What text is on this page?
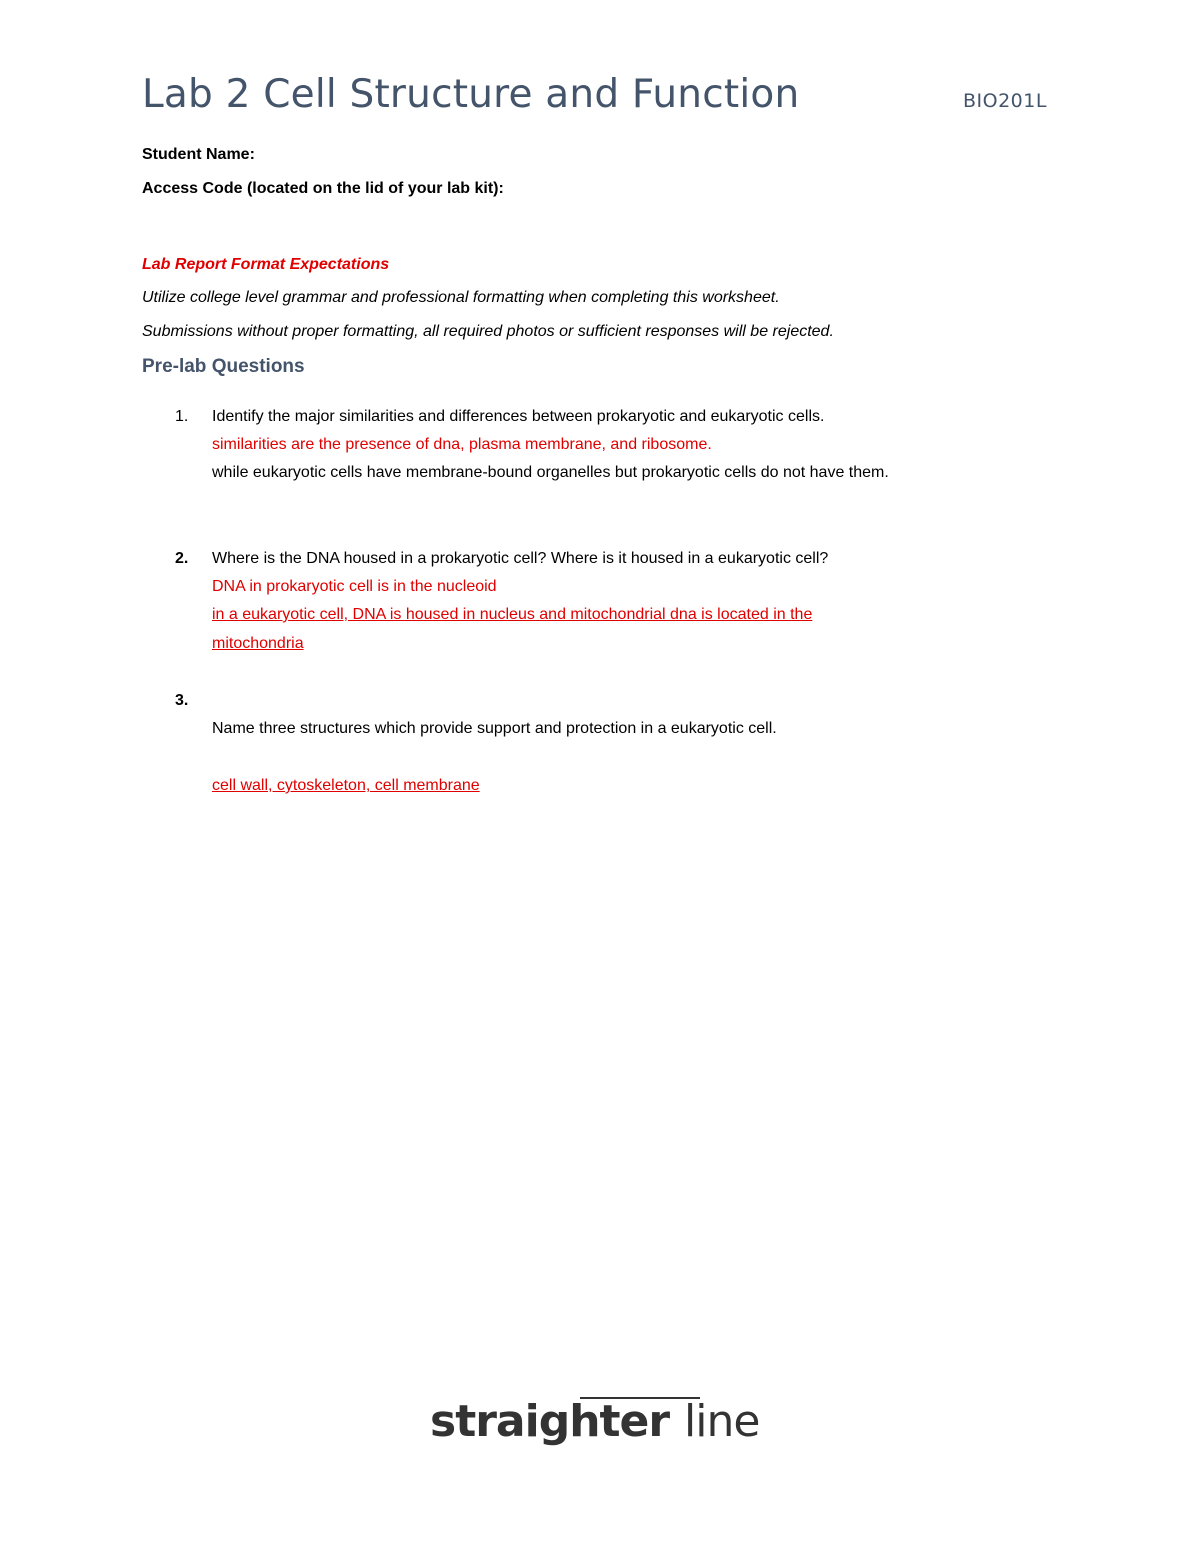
Lab 2 Cell Structure and Function	BIO201L
Student Name:
Access Code (located on the lid of your lab kit):
Lab Report Format Expectations
Utilize college level grammar and professional formatting when completing this worksheet.
Submissions without proper formatting, all required photos or sufficient responses will be rejected.
Pre-lab Questions
1. Identify the major similarities and differences between prokaryotic and eukaryotic cells.
similarities are the presence of dna, plasma membrane, and ribosome.
while eukaryotic cells have membrane-bound organelles but prokaryotic cells do not have them.
2. Where is the DNA housed in a prokaryotic cell? Where is it housed in a eukaryotic cell?
DNA in prokaryotic cell is in the nucleoid
in a eukaryotic cell, DNA is housed in nucleus and mitochondrial dna is located in the
mitochondria
3.
Name three structures which provide support and protection in a eukaryotic cell.
cell wall, cytoskeleton, cell membrane
straighter line
